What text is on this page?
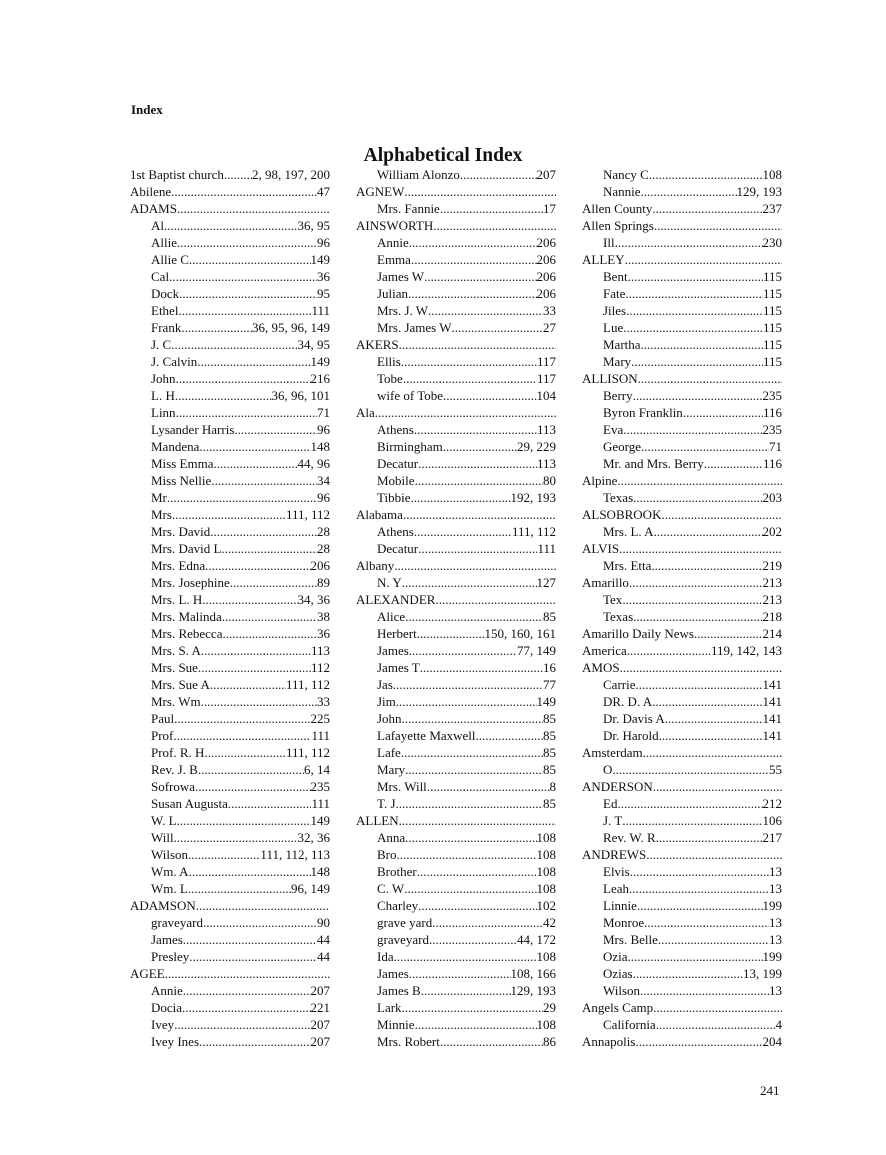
Index
Alphabetical Index
1st Baptist church ..... 2, 98, 197, 200
Abilene .....	47
ADAMS
.....
Al .....	36, 95
Allie .....	96
Allie C .....	149
Cal .....	36
Dock .....	95
Ethel .....	111
Frank .....	36, 95, 96, 149
J. C .....	34, 95
J. Calvin .....	149
John .....	216
L. H .....	36, 96, 101
Linn .....	71
Lysander Harris .....	96
Mandena .....	148
Miss Emma .....	44, 96
Miss Nellie .....	34
Mr .....	96
Mrs .....	111, 112
Mrs. David .....	28
Mrs. David L .....	28
Mrs. Edna .....	206
Mrs. Josephine .....	89
Mrs. L. H .....	34, 36
Mrs. Malinda .....	38
Mrs. Rebecca .....	36
Mrs. S. A .....	113
Mrs. Sue .....	112
Mrs. Sue A .....	111, 112
Mrs. Wm .....	33
Paul .....	225
Prof .....	111
Prof. R. H .....	111, 112
Rev. J. B .....	6, 14
Sofrowa .....	235
Susan Augusta .....	111
W. L .....	149
Will .....	32, 36
Wilson .....	111, 112, 113
Wm. A .....	148
Wm. L .....	96, 149
ADAMSON
.....
graveyard .....	90
James .....	44
Presley .....	44
AGEE
.....
Annie .....	207
Docia .....	221
Ivey .....	207
Ivey Ines .....	207
William Alonzo .....	207
AGNEW
.....
Mrs. Fannie .....	17
AINSWORTH
.....
Annie .....	206
Emma .....	206
James W .....	206
Julian .....	206
Mrs. J. W .....	33
Mrs. James W .....	27
AKERS
.....
Ellis .....	117
Tobe .....	117
wife of Tobe .....	104
Ala
.....
Athens .....	113
Birmingham .....	29, 229
Decatur .....	113
Mobile .....	80
Tibbie .....	192, 193
Alabama
.....
Athens .....	111, 112
Decatur .....	111
Albany
.....
N. Y .....	127
ALEXANDER
.....
Alice .....	85
Herbert .....	150, 160, 161
James .....	77, 149
James T .....	16
Jas .....	77
Jim .....	149
John .....	85
Lafayette Maxwell .....	85
Lafe .....	85
Mary .....	85
Mrs. Will .....	8
T. J .....	85
ALLEN
.....
Anna .....	108
Bro .....	108
Brother .....	108
C. W .....	108
Charley .....	102
grave yard .....	42
graveyard .....	44, 172
Ida .....	108
James .....	108, 166
James B .....	129, 193
Lark .....	29
Minnie .....	108
Mrs. Robert .....	86
Nancy C .....	108
Nannie .....	129, 193
Allen County .....	237
Allen Springs
.....
Ill .....	230
ALLEY
.....
Bent .....	115
Fate .....	115
Jiles .....	115
Lue .....	115
Martha .....	115
Mary .....	115
ALLISON
.....
Berry .....	235
Byron Franklin .....	116
Eva .....	235
George .....	71
Mr. and Mrs. Berry .....	116
Alpine
.....
Texas .....	203
ALSOBROOK
.....
Mrs. L. A .....	202
ALVIS
.....
Mrs. Etta .....	219
Amarillo .....	213
Tex .....	213
Texas .....	218
Amarillo Daily News .....	214
America .....	119, 142, 143
AMOS
.....
Carrie .....	141
DR. D. A .....	141
Dr. Davis A .....	141
Dr. Harold .....	141
Amsterdam
.....
O .....	55
ANDERSON
.....
Ed .....	212
J. T .....	106
Rev. W. R .....	217
ANDREWS
.....
Elvis .....	13
Leah .....	13
Linnie .....	199
Monroe .....	13
Mrs. Belle .....	13
Ozia .....	199
Ozias .....	13, 199
Wilson .....	13
Angels Camp
.....
California .....	4
Annapolis .....	204
241
